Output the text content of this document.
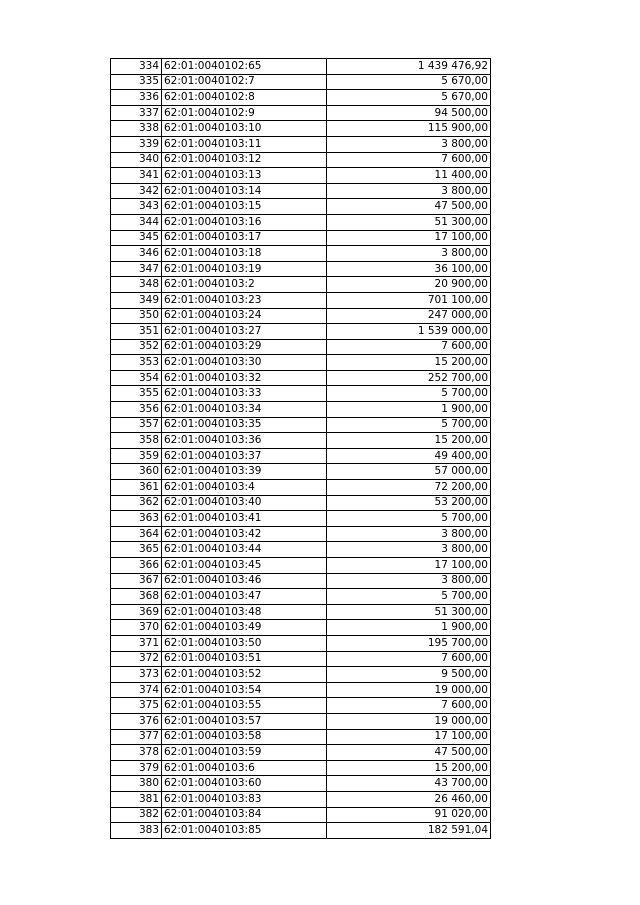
334	62:01:0040102:65	1 439 476,92
335	62:01:0040102:7	5 670,00
336	62:01:0040102:8	5 670,00
337	62:01:0040102:9	94 500,00
338	62:01:0040103:10	115 900,00
339	62:01:0040103:11	3 800,00
340	62:01:0040103:12	7 600,00
341	62:01:0040103:13	11 400,00
342	62:01:0040103:14	3 800,00
343	62:01:0040103:15	47 500,00
344	62:01:0040103:16	51 300,00
345	62:01:0040103:17	17 100,00
346	62:01:0040103:18	3 800,00
347	62:01:0040103:19	36 100,00
348	62:01:0040103:2	20 900,00
349	62:01:0040103:23	701 100,00
350	62:01:0040103:24	247 000,00
351	62:01:0040103:27	1 539 000,00
352	62:01:0040103:29	7 600,00
353	62:01:0040103:30	15 200,00
354	62:01:0040103:32	252 700,00
355	62:01:0040103:33	5 700,00
356	62:01:0040103:34	1 900,00
357	62:01:0040103:35	5 700,00
358	62:01:0040103:36	15 200,00
359	62:01:0040103:37	49 400,00
360	62:01:0040103:39	57 000,00
361	62:01:0040103:4	72 200,00
362	62:01:0040103:40	53 200,00
363	62:01:0040103:41	5 700,00
364	62:01:0040103:42	3 800,00
365	62:01:0040103:44	3 800,00
366	62:01:0040103:45	17 100,00
367	62:01:0040103:46	3 800,00
368	62:01:0040103:47	5 700,00
369	62:01:0040103:48	51 300,00
370	62:01:0040103:49	1 900,00
371	62:01:0040103:50	195 700,00
372	62:01:0040103:51	7 600,00
373	62:01:0040103:52	9 500,00
374	62:01:0040103:54	19 000,00
375	62:01:0040103:55	7 600,00
376	62:01:0040103:57	19 000,00
377	62:01:0040103:58	17 100,00
378	62:01:0040103:59	47 500,00
379	62:01:0040103:6	15 200,00
380	62:01:0040103:60	43 700,00
381	62:01:0040103:83	26 460,00
382	62:01:0040103:84	91 020,00
383	62:01:0040103:85	182 591,04
